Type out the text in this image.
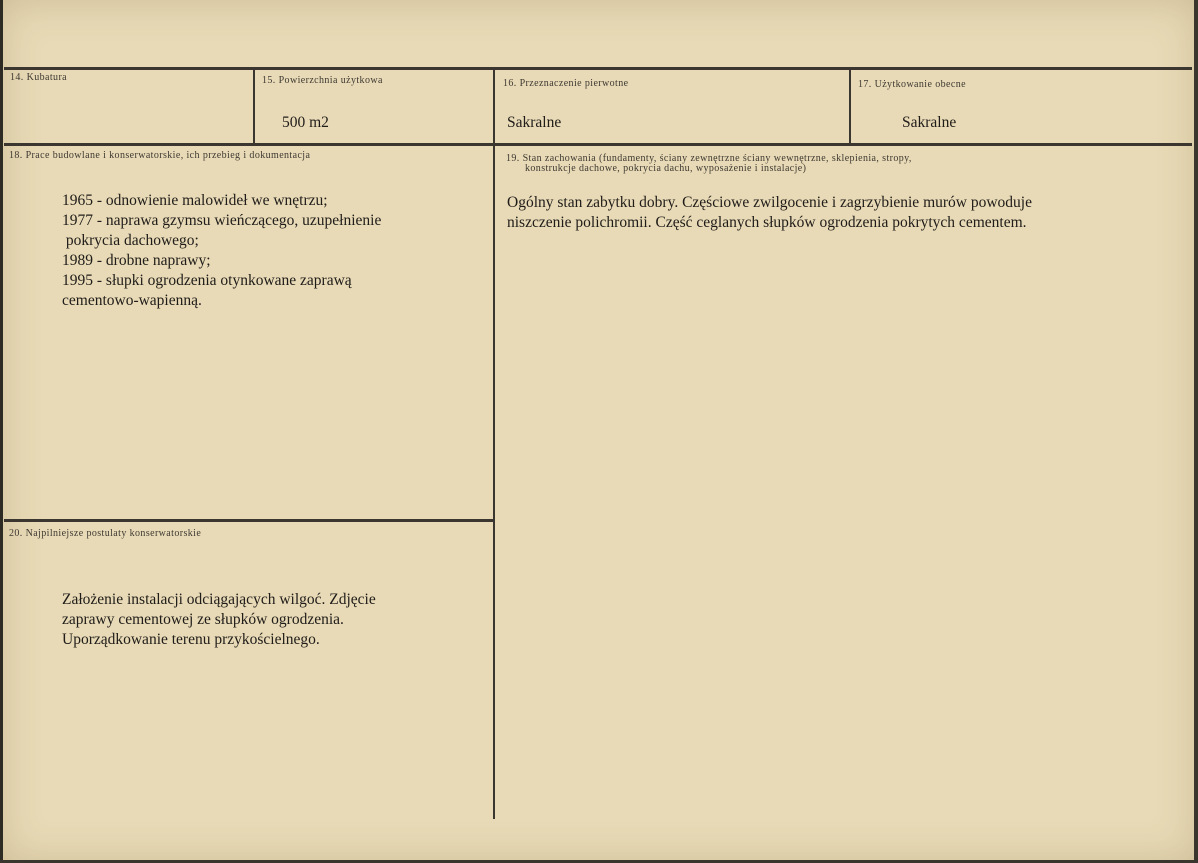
14. Kubatura	15. Powierzchnia użytkowa
500 m2
16. Przeznaczenie pierwotne
Sakralne
17. Użytkowanie obecne
Sakralne
18. Prace budowlane i konserwatorskie, ich przebieg i dokumentacja
1965 - odnowienie malowideł we wnętrzu;
1977 - naprawa gzymsu wieńczącego, uzupełnienie
pokrycia dachowego;
1989 - drobne naprawy;
1995 - słupki ogrodzenia otynkowane zaprawą
cementowo-wapienną.
19. Stan zachowania (fundamenty, ściany zewnętrzne ściany wewnętrzne, sklepienia, stropy,
konstrukcje dachowe, pokrycia dachu, wyposażenie i instalacje)
Ogólny stan zabytku dobry. Częściowe zwilgocenie i zagrzybienie murów powoduje
niszczenie polichromii. Część ceglanych słupków ogrodzenia pokrytych cementem.
20. Najpilniejsze postulaty konserwatorskie
Założenie instalacji odciągających wilgoć. Zdjęcie
zaprawy cementowej ze słupków ogrodzenia.
Uporządkowanie terenu przykościelnego.
